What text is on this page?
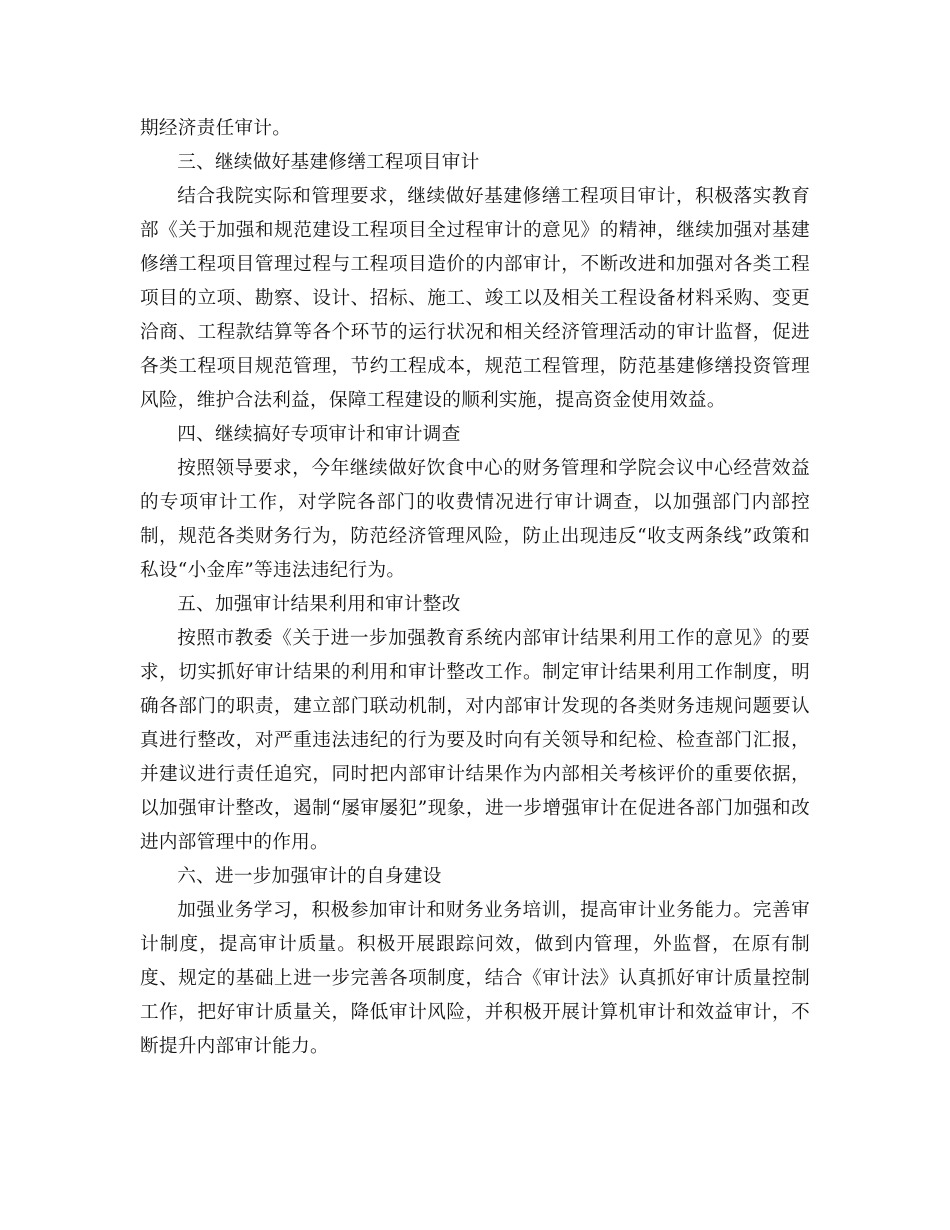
期经济责任审计。

三、继续做好基建修缮工程项目审计

结合我院实际和管理要求，继续做好基建修缮工程项目审计，积极落实教育部《关于加强和规范建设工程项目全过程审计的意见》的精神，继续加强对基建修缮工程项目管理过程与工程项目造价的内部审计，不断改进和加强对各类工程项目的立项、勘察、设计、招标、施工、竣工以及相关工程设备材料采购、变更洽商、工程款结算等各个环节的运行状况和相关经济管理活动的审计监督，促进各类工程项目规范管理，节约工程成本，规范工程管理，防范基建修缮投资管理风险，维护合法利益，保障工程建设的顺利实施，提高资金使用效益。

四、继续搞好专项审计和审计调查

按照领导要求，今年继续做好饮食中心的财务管理和学院会议中心经营效益的专项审计工作，对学院各部门的收费情况进行审计调查，以加强部门内部控制，规范各类财务行为，防范经济管理风险，防止出现违反“收支两条线”政策和私设“小金库”等违法违纪行为。

五、加强审计结果利用和审计整改

按照市教委《关于进一步加强教育系统内部审计结果利用工作的意见》的要求，切实抓好审计结果的利用和审计整改工作。制定审计结果利用工作制度，明确各部门的职责，建立部门联动机制，对内部审计发现的各类财务违规问题要认真进行整改，对严重违法违纪的行为要及时向有关领导和纪检、检查部门汇报，并建议进行责任追究，同时把内部审计结果作为内部相关考核评价的重要依据，以加强审计整改，遏制“屡审屡犯”现象，进一步增强审计在促进各部门加强和改进内部管理中的作用。

六、进一步加强审计的自身建设

加强业务学习，积极参加审计和财务业务培训，提高审计业务能力。完善审计制度，提高审计质量。积极开展跟踪问效，做到内管理，外监督，在原有制度、规定的基础上进一步完善各项制度，结合《审计法》认真抓好审计质量控制工作，把好审计质量关，降低审计风险，并积极开展计算机审计和效益审计，不断提升内部审计能力。
